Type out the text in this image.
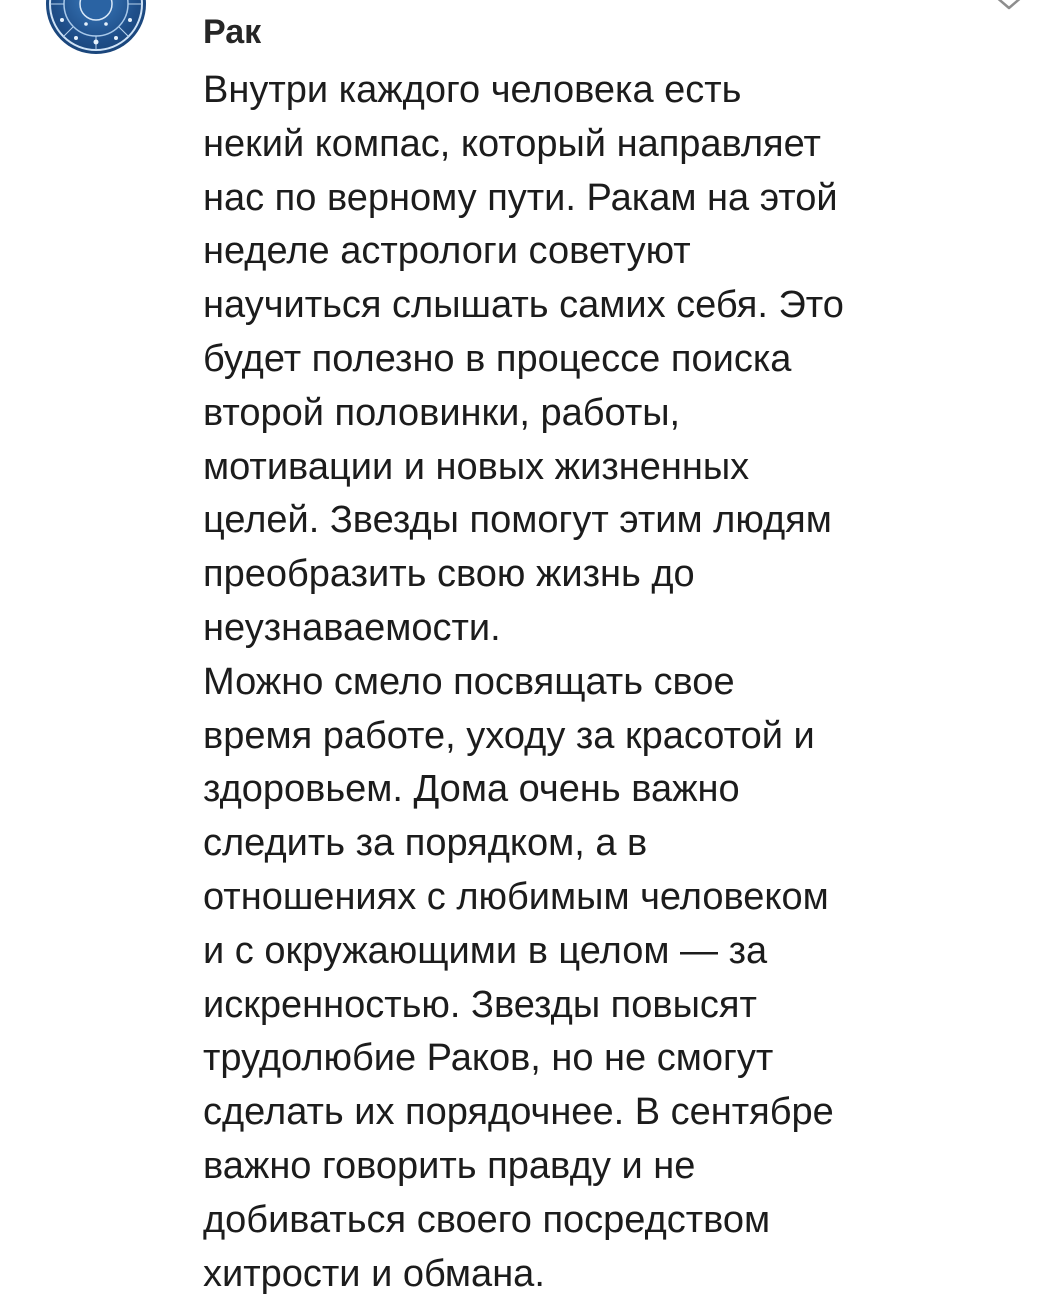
Рак
Внутри каждого человека есть
некий компас, который направляет
нас по верному пути. Ракам на этой
неделе астрологи советуют
научиться слышать самих себя. Это
будет полезно в процессе поиска
второй половинки, работы,
мотивации и новых жизненных
целей. Звезды помогут этим людям
преобразить свою жизнь до
неузнаваемости.
Можно смело посвящать свое
время работе, уходу за красотой и
здоровьем. Дома очень важно
следить за порядком, а в
отношениях с любимым человеком
и с окружающими в целом — за
искренностью. Звезды повысят
трудолюбие Раков, но не смогут
сделать их порядочнее. В сентябре
важно говорить правду и не
добиваться своего посредством
хитрости и обмана.
